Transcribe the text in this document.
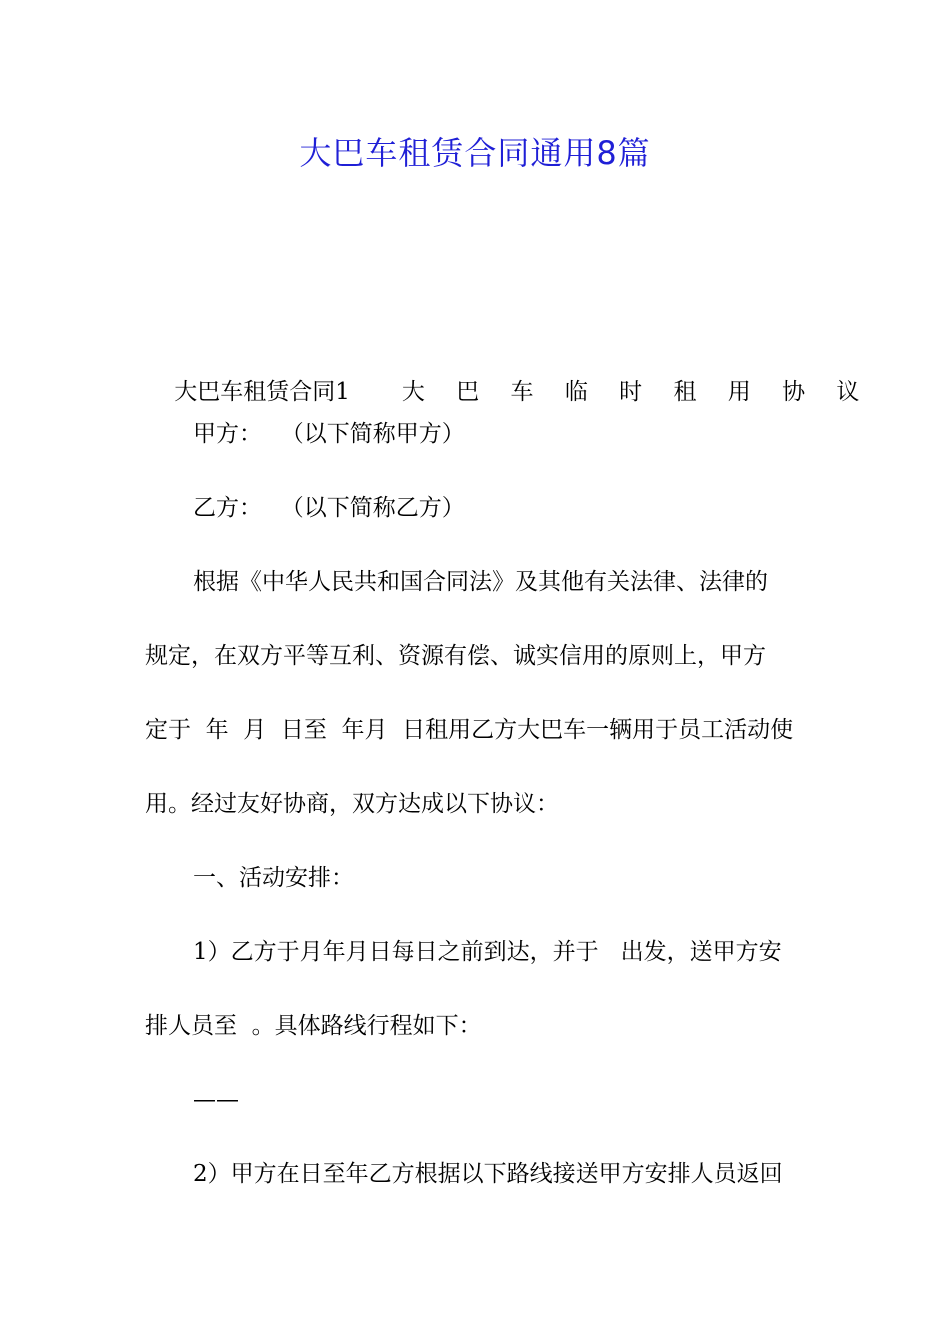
大巴车租赁合同通用8篇

大巴车租赁合同1 大 巴 车 临 时 租 用 协 议

甲方：　 （以下简称甲方）

乙方：　 （以下简称乙方）

根据《中华人民共和国合同法》及其他有关法律、法律的

规定，在双方平等互利、资源有偿、诚实信用的原则上，甲方

定于  年  月  日至  年月  日租用乙方大巴车一辆用于员工活动使

用。经过友好协商，双方达成以下协议：

一、活动安排：

1）乙方于月年月日每日之前到达，并于   出发，送甲方安

排人员至  。具体路线行程如下：

——

2）甲方在日至年乙方根据以下路线接送甲方安排人员返回
